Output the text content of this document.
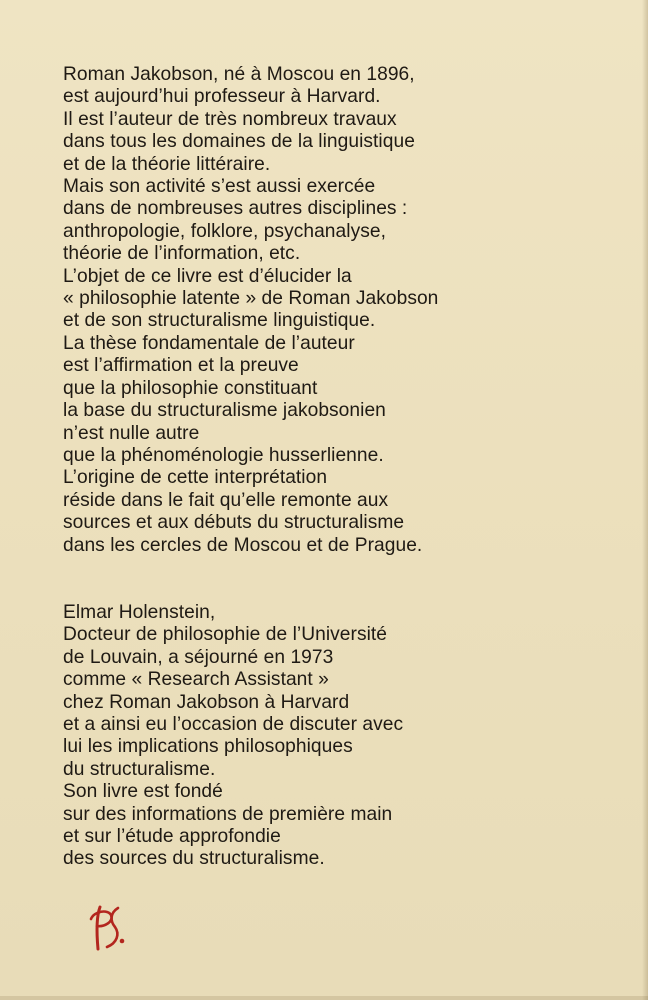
Roman Jakobson, né à Moscou en 1896,
est aujourd’hui professeur à Harvard.
Il est l’auteur de très nombreux travaux
dans tous les domaines de la linguistique
et de la théorie littéraire.
Mais son activité s’est aussi exercée
dans de nombreuses autres disciplines :
anthropologie, folklore, psychanalyse,
théorie de l’information, etc.
L’objet de ce livre est d’élucider la
« philosophie latente » de Roman Jakobson
et de son structuralisme linguistique.
La thèse fondamentale de l’auteur
est l’affirmation et la preuve
que la philosophie constituant
la base du structuralisme jakobsonien
n’est nulle autre
que la phénoménologie husserlienne.
L’origine de cette interprétation
réside dans le fait qu’elle remonte aux
sources et aux débuts du structuralisme
dans les cercles de Moscou et de Prague.
Elmar Holenstein,
Docteur de philosophie de l’Université
de Louvain, a séjourné en 1973
comme « Research Assistant »
chez Roman Jakobson à Harvard
et a ainsi eu l’occasion de discuter avec
lui les implications philosophiques
du structuralisme.
Son livre est fondé
sur des informations de première main
et sur l’étude approfondie
des sources du structuralisme.
